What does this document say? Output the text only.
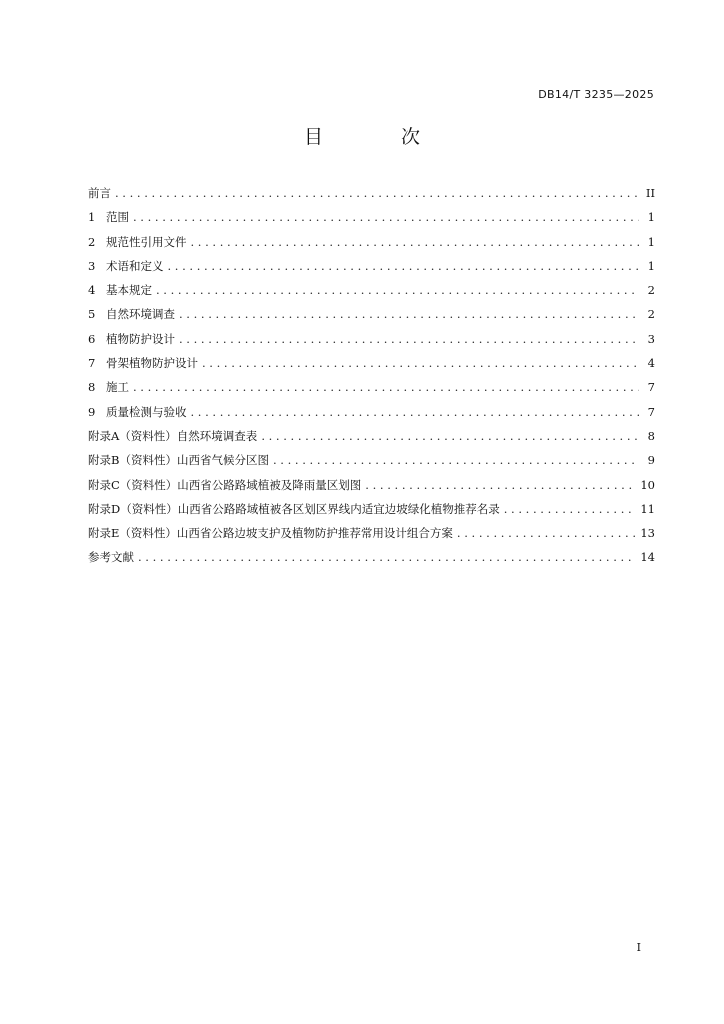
DB14/T 3235—2025
目 次
前言 . . .	II
1 范围 . . .	1
2 规范性引用文件 . . .	1
3 术语和定义 . . .	1
4 基本规定 . . .	2
5 自然环境调查 . . .	2
6 植物防护设计 . . .	3
7 骨架植物防护设计 . . .	4
8 施工 . . .	7
9 质量检测与验收 . . .	7
附录A（资料性）自然环境调查表 . . .	8
附录B（资料性）山西省气候分区图 . . .	9
附录C（资料性）山西省公路路域植被及降雨量区划图 . . .	10
附录D（资料性）山西省公路路域植被各区划区界线内适宜边坡绿化植物推荐名录 . . .	11
附录E（资料性）山西省公路边坡支护及植物防护推荐常用设计组合方案 . . .	13
参考文献 . . .	14
I
